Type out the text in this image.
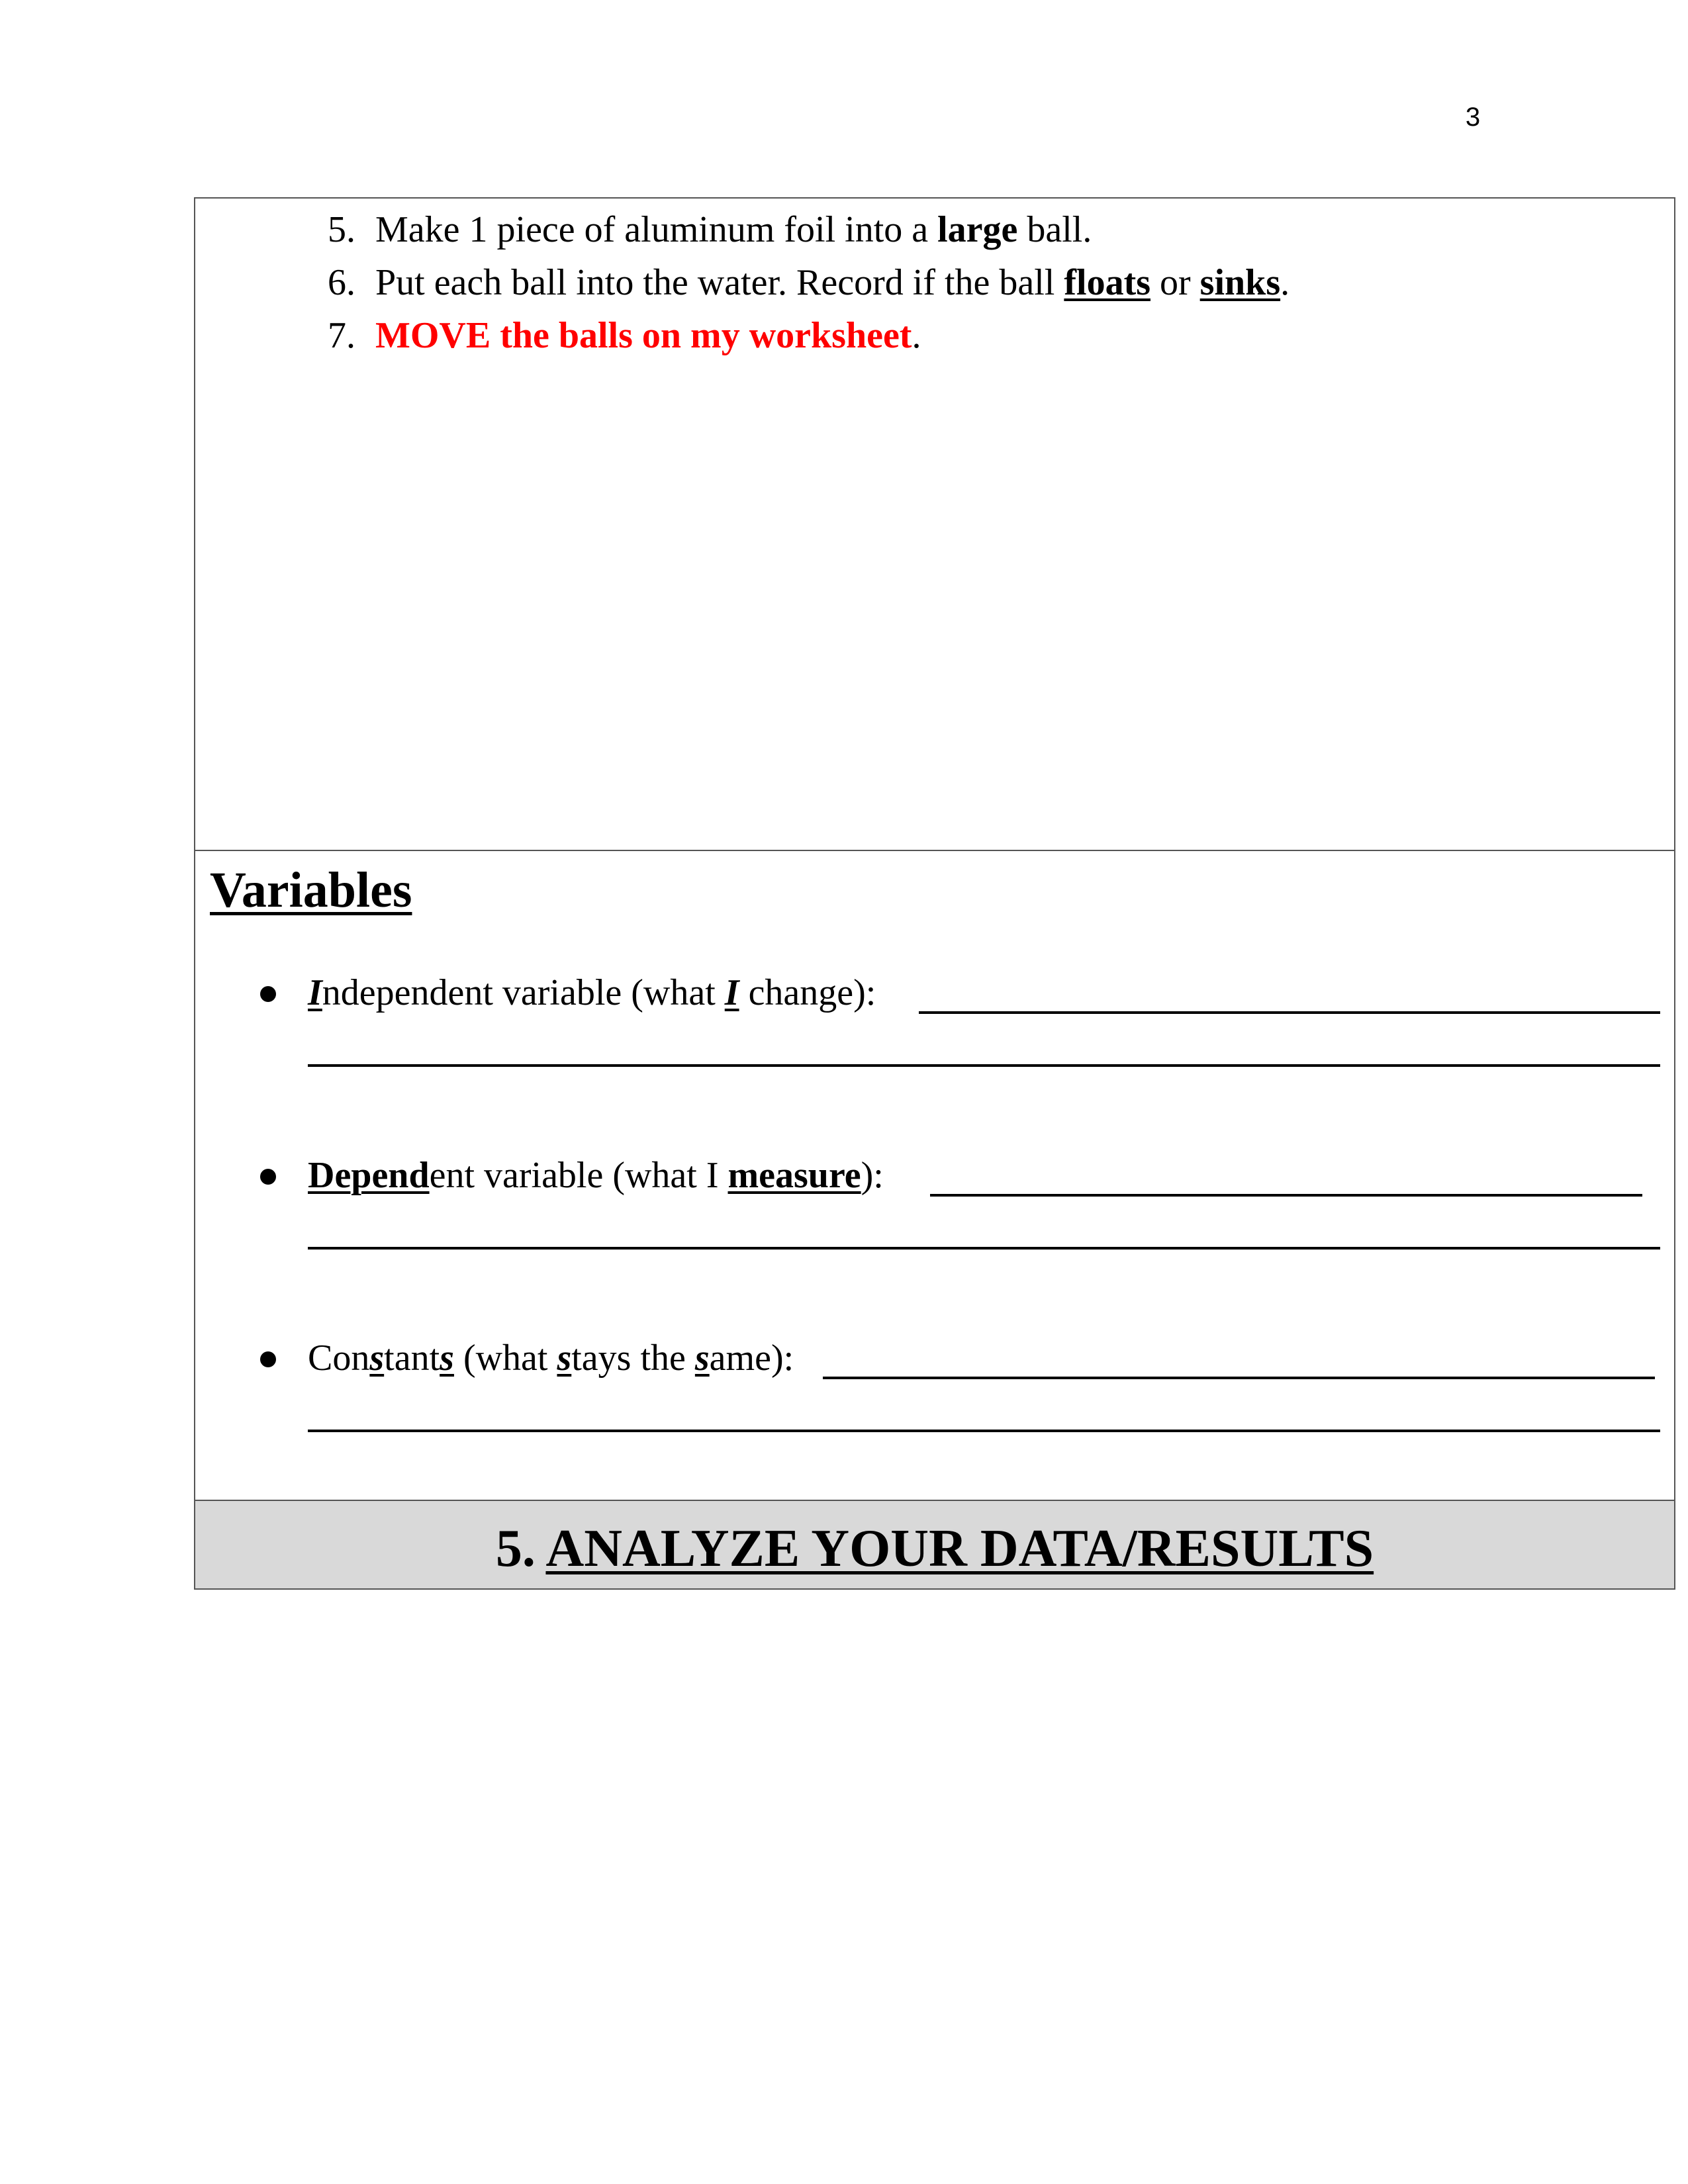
3
5. Make 1 piece of aluminum foil into a large ball.
6. Put each ball into the water. Record if the ball floats or sinks.
7. MOVE the balls on my worksheet.
Variables
Independent variable (what I change):
Dependent variable (what I measure):
Constants (what stays the same):
5. ANALYZE YOUR DATA/RESULTS
